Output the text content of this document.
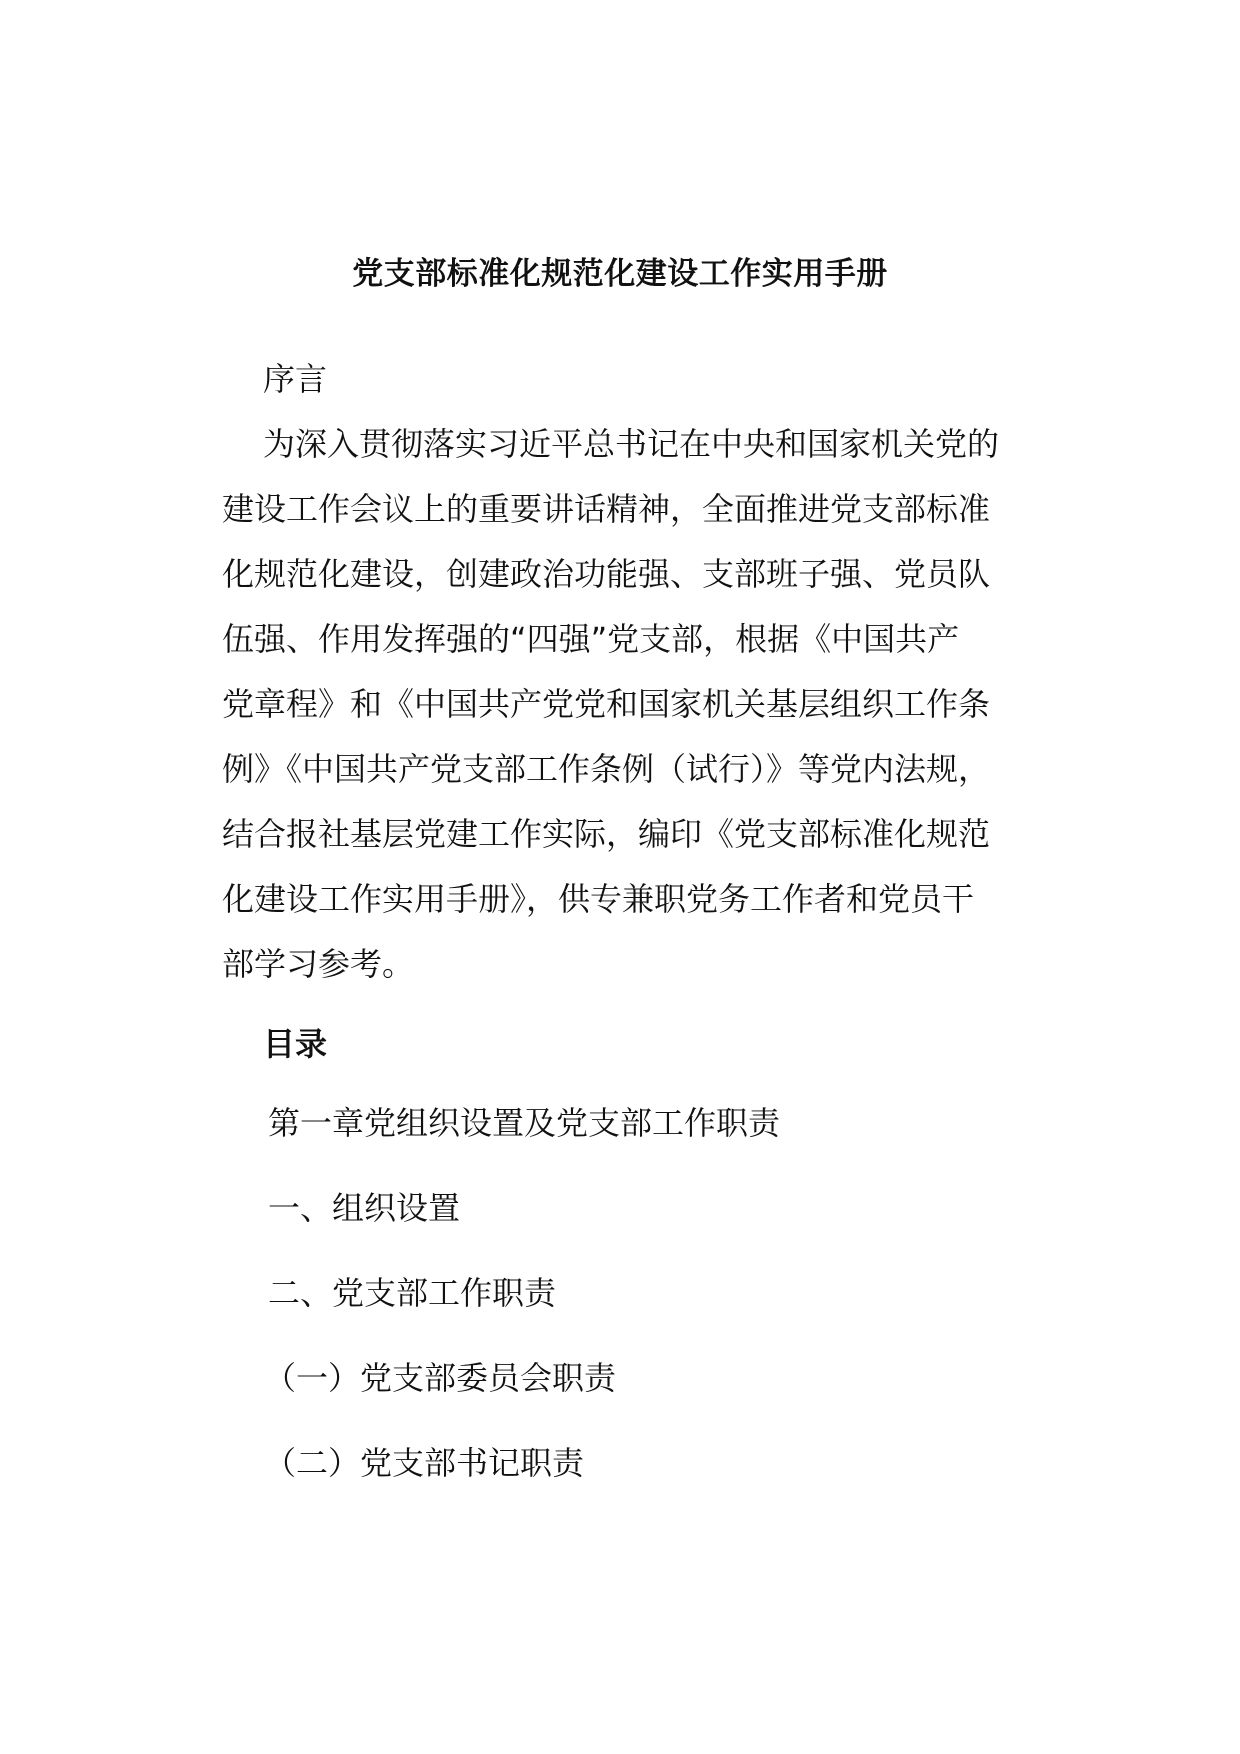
党支部标准化规范化建设工作实用手册
序言
为深入贯彻落实习近平总书记在中央和国家机关党的
建设工作会议上的重要讲话精神，全面推进党支部标准
化规范化建设，创建政治功能强、支部班子强、党员队
伍强、作用发挥强的“四强”党支部，根据《中国共产
党章程》和《中国共产党党和国家机关基层组织工作条
例》《中国共产党支部工作条例（试行）》等党内法规，
结合报社基层党建工作实际，编印《党支部标准化规范
化建设工作实用手册》，供专兼职党务工作者和党员干
部学习参考。
目录
第一章党组织设置及党支部工作职责
一、组织设置
二、党支部工作职责
（一）党支部委员会职责
（二）党支部书记职责
